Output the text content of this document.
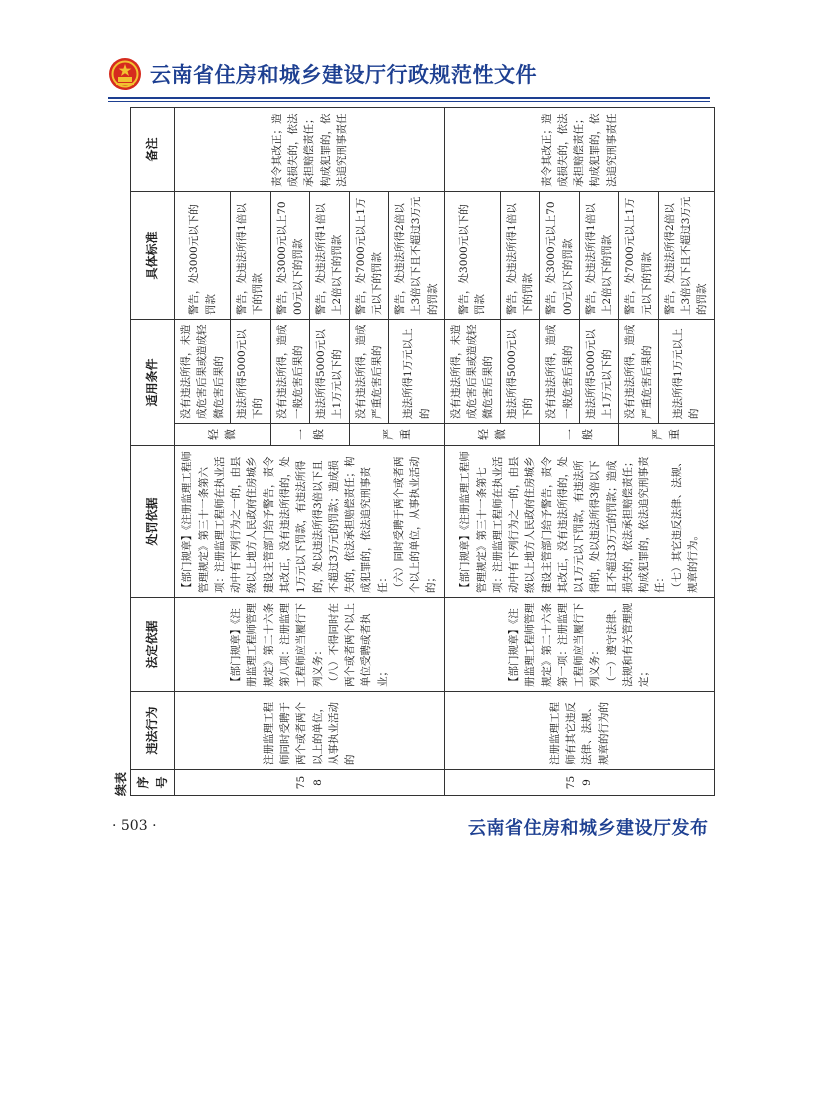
云南省住房和城乡建设厅行政规范性文件
续表 序号	违法行为	法定依据	处罚依据	适用条件		具体标准	备注
758	注册监理工程师同时受聘于两个或者两个以上的单位，从事执业活动的	【部门规章】《注册监理工程师管理规定》第二十六条第八项：注册监理工程师应当履行下列义务： （八）不得同时在两个或者两个以上单位受聘或者执业；	【部门规章】《注册监理工程师管理规定》第三十一条第六项：注册监理工程师在执业活动中有下列行为之一的，由县级以上地方人民政府住房城乡建设主管部门给予警告，责令其改正，没有违法所得的，处1万元以下罚款，有违法所得的，处以违法所得3倍以下且不超过3万元的罚款；造成损失的，依法承担赔偿责任；构成犯罪的，依法追究刑事责任： （六）同时受聘于两个或者两个以上的单位，从事执业活动的；	轻微	没有违法所得，未造成危害后果或造成轻微危害后果的	警告，处3000元以下的罚款	责令其改正；造成损失的，依法承担赔偿责任；构成犯罪的，依法追究刑事责任
					违法所得5000元以下的	警告，处违法所得1倍以下的罚款	
				一般	没有违法所得，造成一般危害后果的	警告，处3000元以上7000元以下的罚款	
					违法所得5000元以上1万元以下的	警告，处违法所得1倍以上2倍以下的罚款	
				严重	没有违法所得，造成严重危害后果的	警告，处7000元以上1万元以下的罚款	
					违法所得1万元以上的	警告，处违法所得2倍以上3倍以下且不超过3万元的罚款	
759	注册监理工程师有其它违反法律、法规、规章的行为的	【部门规章】《注册监理工程师管理规定》第二十六条第一项：注册监理工程师应当履行下列义务： （一）遵守法律、法规和有关管理规定；	【部门规章】《注册监理工程师管理规定》第三十一条第七项：注册监理工程师在执业活动中有下列行为之一的，由县级以上地方人民政府住房城乡建设主管部门给予警告，责令其改正，没有违法所得的，处以1万元以下罚款，有违法所得的，处以违法所得3倍以下且不超过3万元的罚款；造成损失的，依法承担赔偿责任；构成犯罪的，依法追究刑事责任： （七）其它违反法律、法规、规章的行为。	轻微	没有违法所得，未造成危害后果或造成轻微危害后果的	警告，处3000元以下的罚款	责令其改正；造成损失的，依法承担赔偿责任；构成犯罪的，依法追究刑事责任
					违法所得5000元以下的	警告，处违法所得1倍以下的罚款	
				一般	没有违法所得，造成一般危害后果的	警告，处3000元以上7000元以下的罚款	
					违法所得5000元以上1万元以下的	警告，处违法所得1倍以上2倍以下的罚款	
				严重	没有违法所得，造成严重危害后果的	警告，处7000元以上1万元以下的罚款	
					违法所得1万元以上的	警告，处违法所得2倍以上3倍以下且不超过3万元的罚款	
· 503 ·	云南省住房和城乡建设厅发布
